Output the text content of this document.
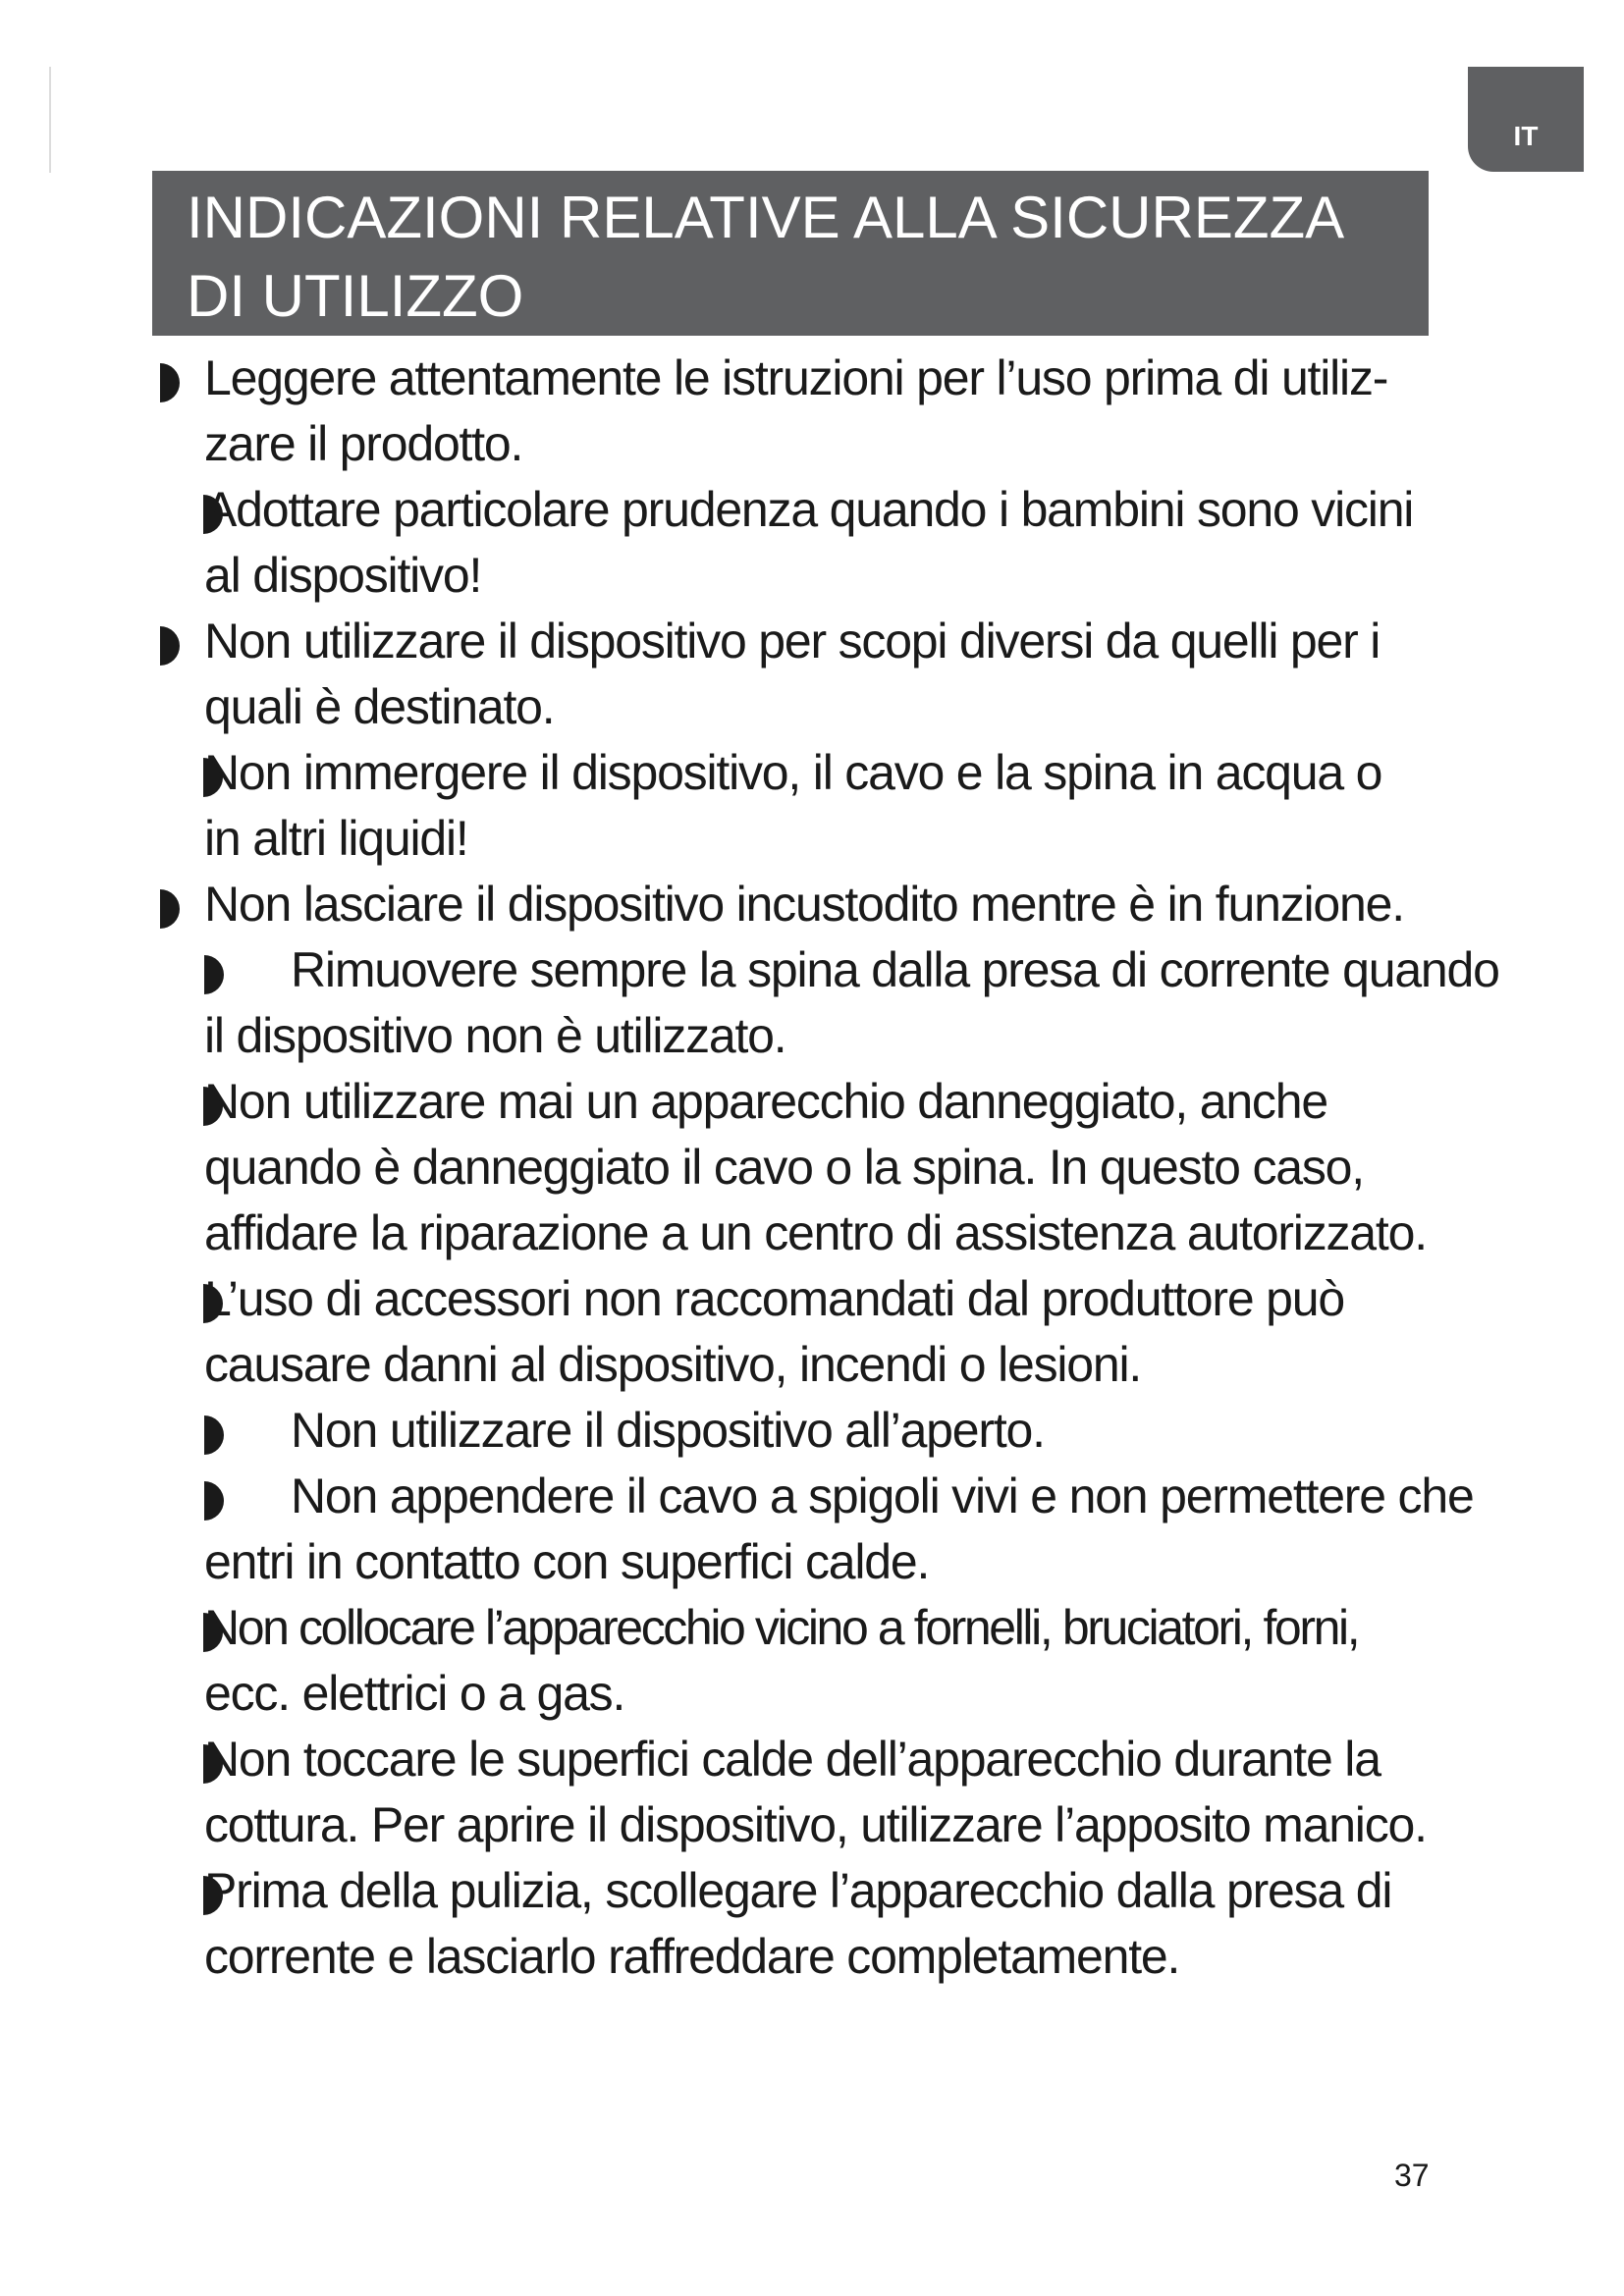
IT
INDICAZIONI RELATIVE ALLA SICUREZZA
DI UTILIZZO
Leggere attentamente le istruzioni per l’uso prima di utiliz-
zare il prodotto.
Adottare particolare prudenza quando i bambini sono vicini
al dispositivo!
Non utilizzare il dispositivo per scopi diversi da quelli per i
quali è destinato.
Non immergere il dispositivo, il cavo e la spina in acqua o
in altri liquidi!
Non lasciare il dispositivo incustodito mentre è in funzione.
Rimuovere sempre la spina dalla presa di corrente quando
il dispositivo non è utilizzato.
Non utilizzare mai un apparecchio danneggiato, anche
quando è danneggiato il cavo o la spina. In questo caso,
affidare la riparazione a un centro di assistenza autorizzato.
L’uso di accessori non raccomandati dal produttore può
causare danni al dispositivo, incendi o lesioni.
Non utilizzare il dispositivo all’aperto.
Non appendere il cavo a spigoli vivi e non permettere che
entri in contatto con superfici calde.
Non collocare l’apparecchio vicino a fornelli, bruciatori, forni,
ecc. elettrici o a gas.
Non toccare le superfici calde dell’apparecchio durante la
cottura. Per aprire il dispositivo, utilizzare l’apposito manico.
Prima della pulizia, scollegare l’apparecchio dalla presa di
corrente e lasciarlo raffreddare completamente.
37
